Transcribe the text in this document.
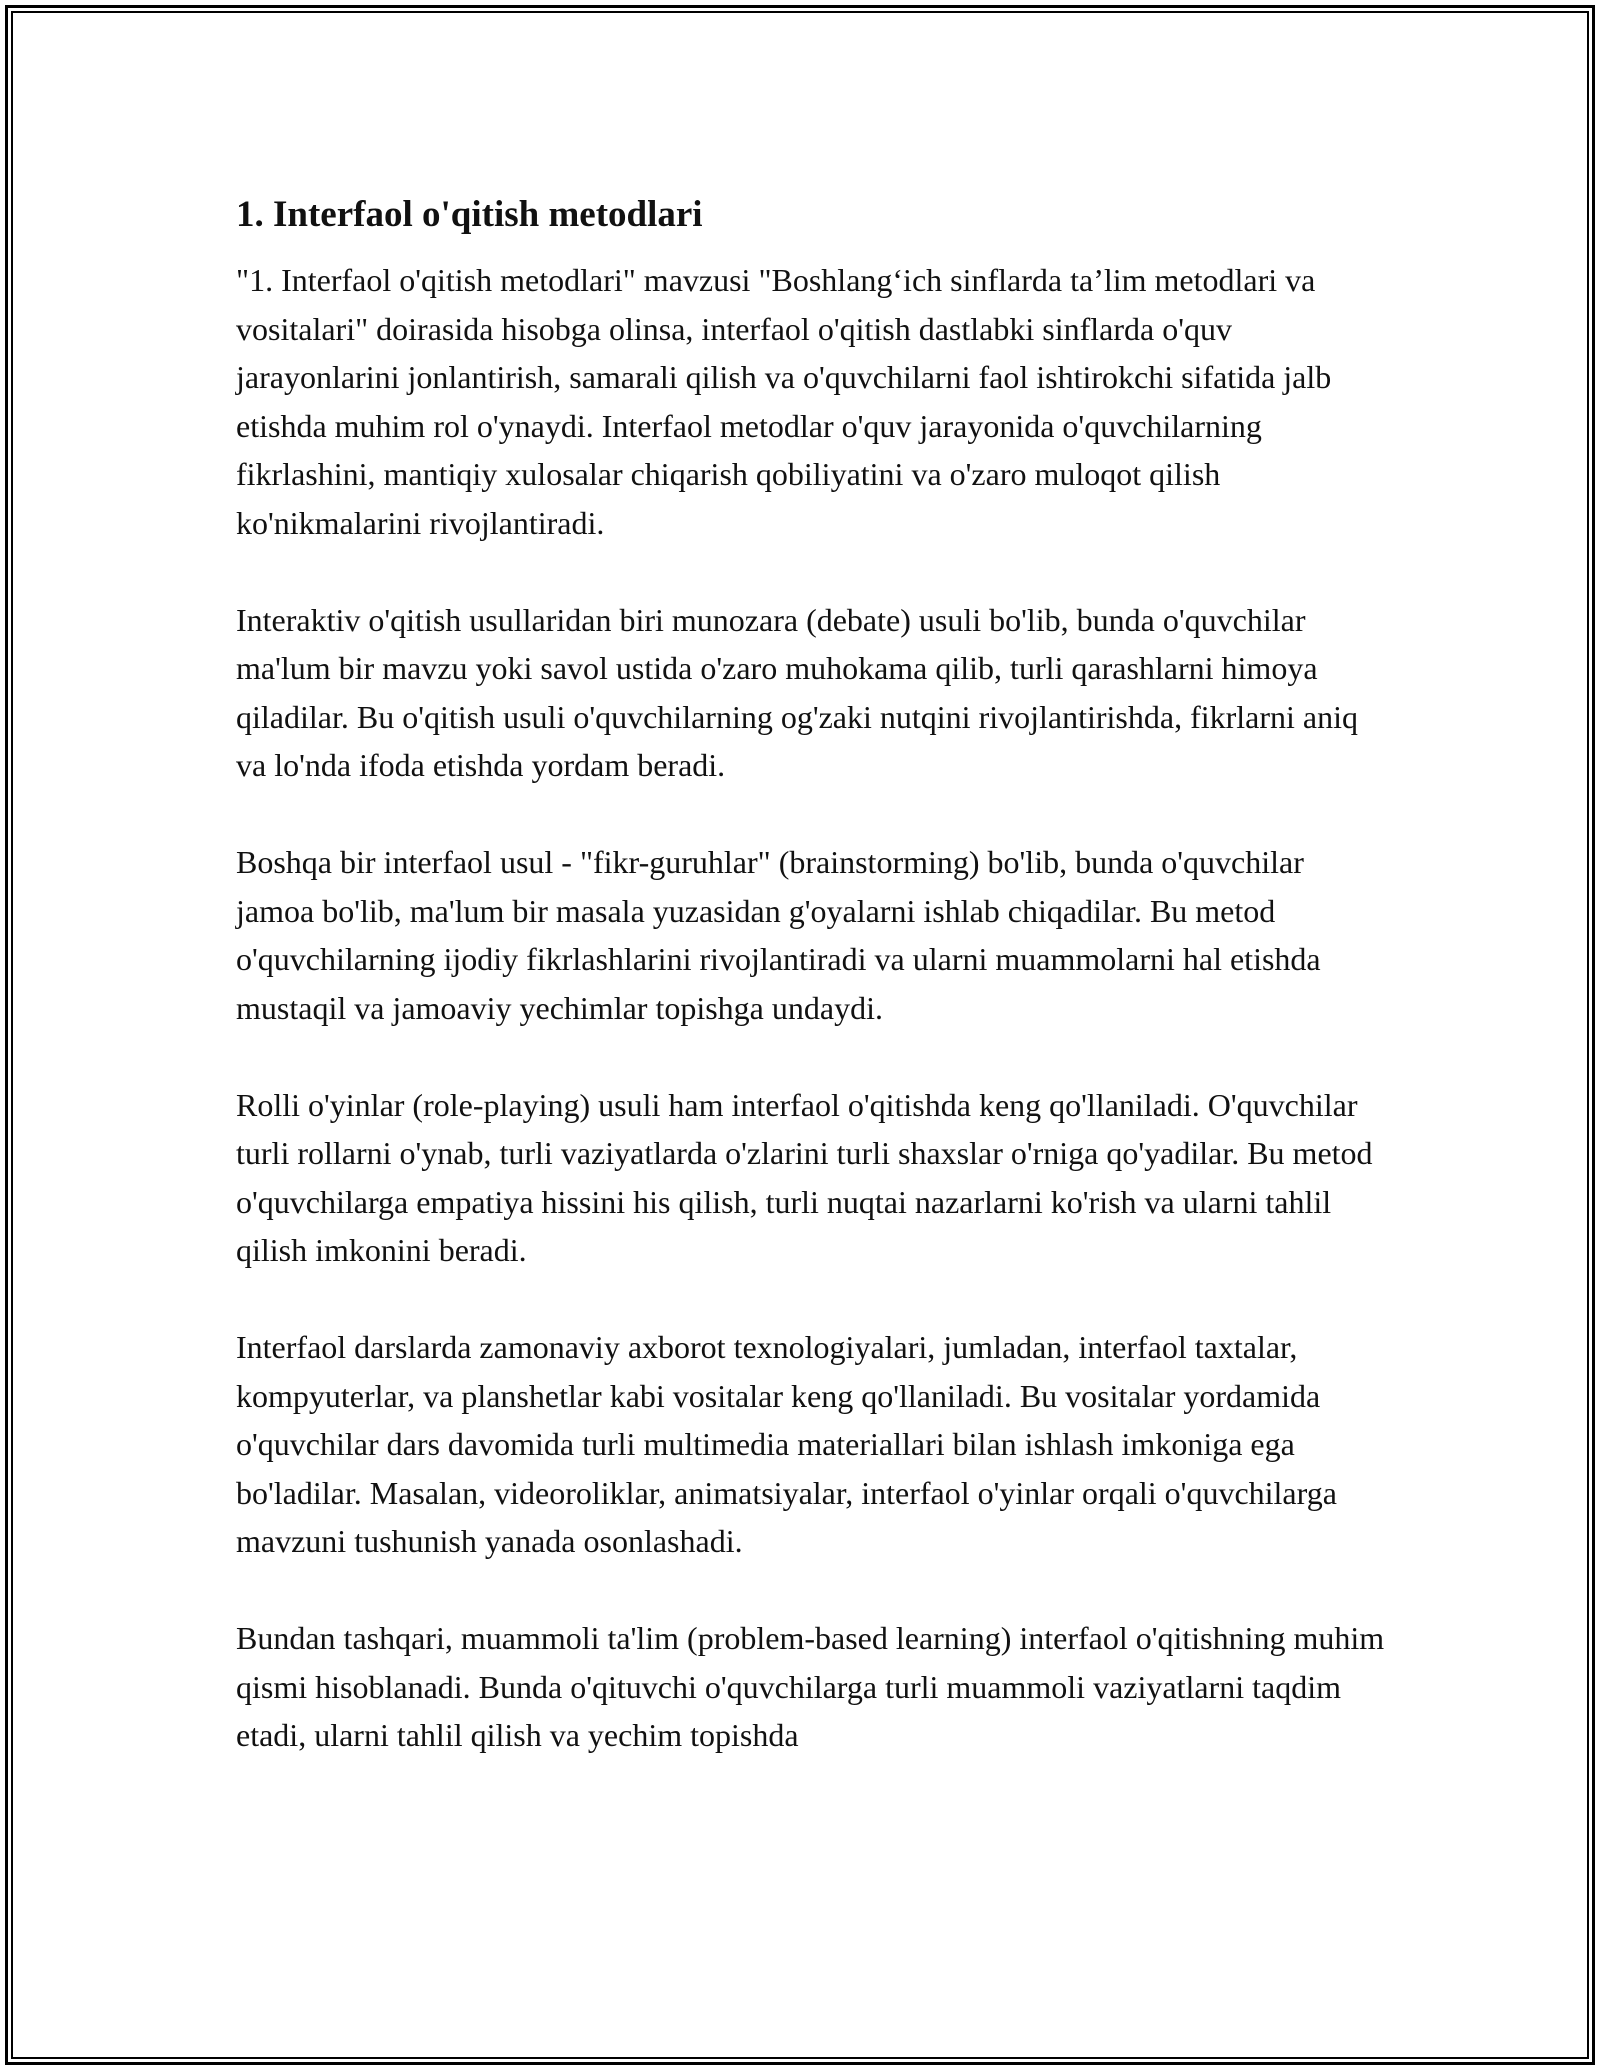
1. Interfaol o'qitish metodlari

"1. Interfaol o'qitish metodlari" mavzusi "Boshlang‘ich sinflarda ta’lim metodlari va vositalari" doirasida hisobga olinsa, interfaol o'qitish dastlabki sinflarda o'quv jarayonlarini jonlantirish, samarali qilish va o'quvchilarni faol ishtirokchi sifatida jalb etishda muhim rol o'ynaydi. Interfaol metodlar o'quv jarayonida o'quvchilarning fikrlashini, mantiqiy xulosalar chiqarish qobiliyatini va o'zaro muloqot qilish ko'nikmalarini rivojlantiradi.

Interaktiv o'qitish usullaridan biri munozara (debate) usuli bo'lib, bunda o'quvchilar ma'lum bir mavzu yoki savol ustida o'zaro muhokama qilib, turli qarashlarni himoya qiladilar. Bu o'qitish usuli o'quvchilarning og'zaki nutqini rivojlantirishda, fikrlarni aniq va lo'nda ifoda etishda yordam beradi.

Boshqa bir interfaol usul - "fikr-guruhlar" (brainstorming) bo'lib, bunda o'quvchilar jamoa bo'lib, ma'lum bir masala yuzasidan g'oyalarni ishlab chiqadilar. Bu metod o'quvchilarning ijodiy fikrlashlarini rivojlantiradi va ularni muammolarni hal etishda mustaqil va jamoaviy yechimlar topishga undaydi.

Rolli o'yinlar (role-playing) usuli ham interfaol o'qitishda keng qo'llaniladi. O'quvchilar turli rollarni o'ynab, turli vaziyatlarda o'zlarini turli shaxslar o'rniga qo'yadilar. Bu metod o'quvchilarga empatiya hissini his qilish, turli nuqtai nazarlarni ko'rish va ularni tahlil qilish imkonini beradi.

Interfaol darslarda zamonaviy axborot texnologiyalari, jumladan, interfaol taxtalar, kompyuterlar, va planshetlar kabi vositalar keng qo'llaniladi. Bu vositalar yordamida o'quvchilar dars davomida turli multimedia materiallari bilan ishlash imkoniga ega bo'ladilar. Masalan, videoroliklar, animatsiyalar, interfaol o'yinlar orqali o'quvchilarga mavzuni tushunish yanada osonlashadi.

Bundan tashqari, muammoli ta'lim (problem-based learning) interfaol o'qitishning muhim qismi hisoblanadi. Bunda o'qituvchi o'quvchilarga turli muammoli vaziyatlarni taqdim etadi, ularni tahlil qilish va yechim topishda
